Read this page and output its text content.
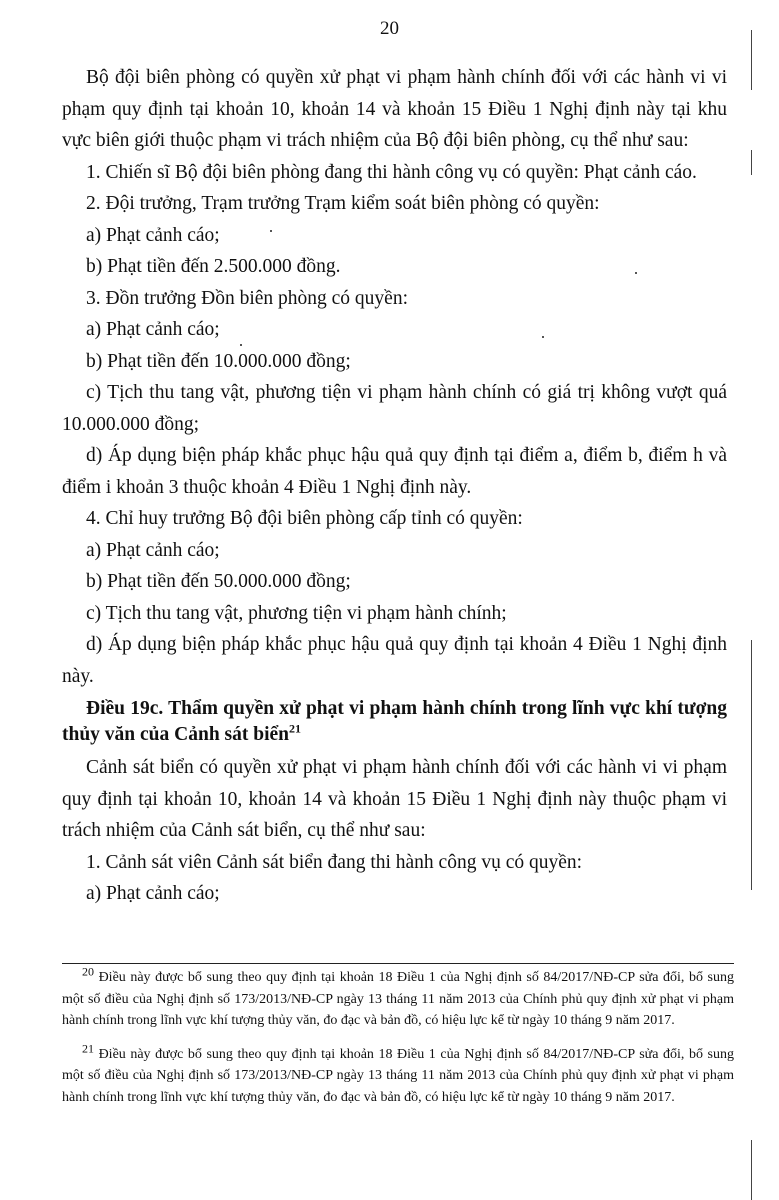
20

Bộ đội biên phòng có quyền xử phạt vi phạm hành chính đối với các hành vi vi phạm quy định tại khoản 10, khoản 14 và khoản 15 Điều 1 Nghị định này tại khu vực biên giới thuộc phạm vi trách nhiệm của Bộ đội biên phòng, cụ thể như sau:

1. Chiến sĩ Bộ đội biên phòng đang thi hành công vụ có quyền: Phạt cảnh cáo.

2. Đội trưởng, Trạm trưởng Trạm kiểm soát biên phòng có quyền:

a) Phạt cảnh cáo;

b) Phạt tiền đến 2.500.000 đồng.

3. Đồn trưởng Đồn biên phòng có quyền:

a) Phạt cảnh cáo;

b) Phạt tiền đến 10.000.000 đồng;

c) Tịch thu tang vật, phương tiện vi phạm hành chính có giá trị không vượt quá 10.000.000 đồng;

d) Áp dụng biện pháp khắc phục hậu quả quy định tại điểm a, điểm b, điểm h và điểm i khoản 3 thuộc khoản 4 Điều 1 Nghị định này.

4. Chỉ huy trưởng Bộ đội biên phòng cấp tỉnh có quyền:

a) Phạt cảnh cáo;

b) Phạt tiền đến 50.000.000 đồng;

c) Tịch thu tang vật, phương tiện vi phạm hành chính;

d) Áp dụng biện pháp khắc phục hậu quả quy định tại khoản 4 Điều 1 Nghị định này.

Điều 19c. Thẩm quyền xử phạt vi phạm hành chính trong lĩnh vực khí tượng thủy văn của Cảnh sát biển$^{21}$

Cảnh sát biển có quyền xử phạt vi phạm hành chính đối với các hành vi vi phạm quy định tại khoản 10, khoản 14 và khoản 15 Điều 1 Nghị định này thuộc phạm vi trách nhiệm của Cảnh sát biển, cụ thể như sau:

1. Cảnh sát viên Cảnh sát biển đang thi hành công vụ có quyền:

a) Phạt cảnh cáo;

20 Điều này được bổ sung theo quy định tại khoản 18 Điều 1 của Nghị định số 84/2017/NĐ-CP sửa đổi, bổ sung một số điều của Nghị định số 173/2013/NĐ-CP ngày 13 tháng 11 năm 2013 của Chính phủ quy định xử phạt vi phạm hành chính trong lĩnh vực khí tượng thủy văn, đo đạc và bản đồ, có hiệu lực kể từ ngày 10 tháng 9 năm 2017.

21 Điều này được bổ sung theo quy định tại khoản 18 Điều 1 của Nghị định số 84/2017/NĐ-CP sửa đổi, bổ sung một số điều của Nghị định số 173/2013/NĐ-CP ngày 13 tháng 11 năm 2013 của Chính phủ quy định xử phạt vi phạm hành chính trong lĩnh vực khí tượng thủy văn, đo đạc và bản đồ, có hiệu lực kể từ ngày 10 tháng 9 năm 2017.
